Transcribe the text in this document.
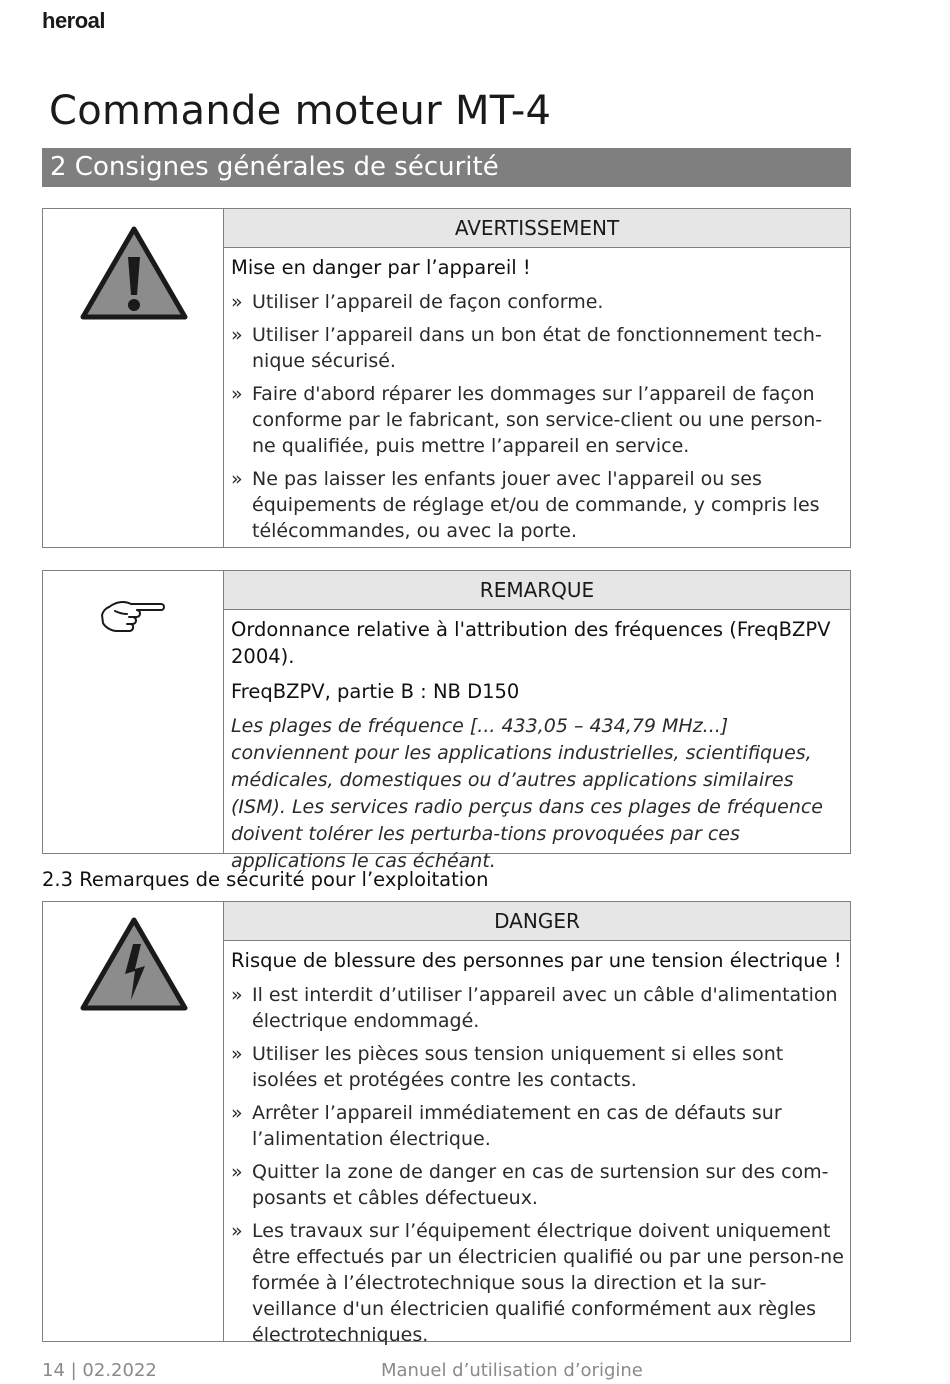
heroal
Commande moteur MT-4
2 Consignes générales de sécurité
AVERTISSEMENT
Mise en danger par l’appareil !
» Utiliser l’appareil de façon conforme.
» Utiliser l’appareil dans un bon état de fonctionnement tech-nique sécurisé.
» Faire d'abord réparer les dommages sur l’appareil de façon conforme par le fabricant, son service-client ou une person-ne qualifiée, puis mettre l’appareil en service.
» Ne pas laisser les enfants jouer avec l'appareil ou ses équipements de réglage et/ou de commande, y compris les télécommandes, ou avec la porte.
REMARQUE
Ordonnance relative à l'attribution des fréquences (FreqBZPV 2004).
FreqBZPV, partie B : NB D150

Les plages de fréquence [... 433,05 – 434,79 MHz...] conviennent pour les applications industrielles, scientifiques, médicales, domestiques ou d’autres applications similaires (ISM). Les services radio perçus dans ces plages de fréquence doivent tolérer les perturba-tions provoquées par ces applications le cas échéant.

2.3 Remarques de sécurité pour l’exploitation
DANGER
Risque de blessure des personnes par une tension électrique !
» Il est interdit d’utiliser l’appareil avec un câble d'alimentation électrique endommagé.
» Utiliser les pièces sous tension uniquement si elles sont isolées et protégées contre les contacts.
» Arrêter l’appareil immédiatement en cas de défauts sur l’alimentation électrique.
» Quitter la zone de danger en cas de surtension sur des com-posants et câbles défectueux.
» Les travaux sur l’équipement électrique doivent uniquement être effectués par un électricien qualifié ou par une person-ne formée à l’électrotechnique sous la direction et la sur-veillance d'un électricien qualifié conformément aux règles électrotechniques.
14 | 02.2022	Manuel d’utilisation d’origine
